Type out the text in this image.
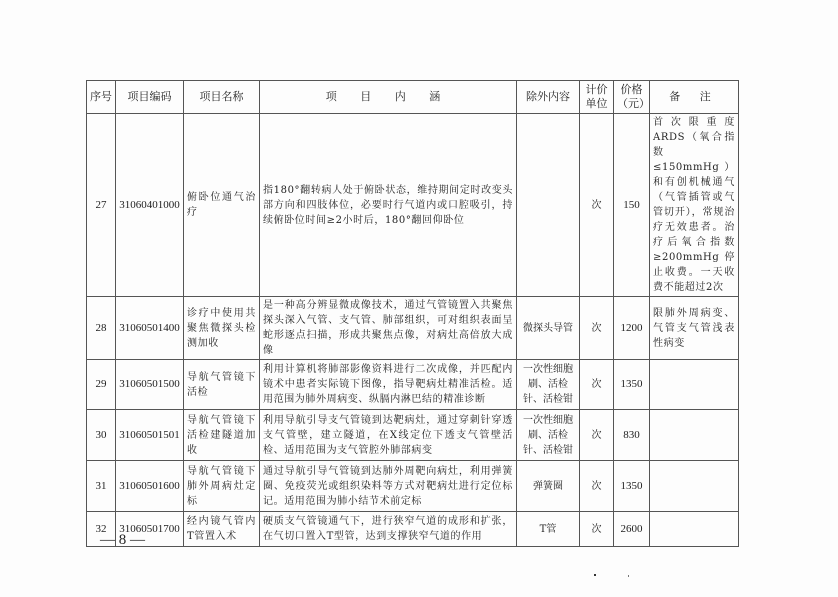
序号	项目编码	项目名称	项 目 内 涵	除外内容	计价单位	价格（元）	备 注
27	31060401000	俯卧位通气治疗	指180°翻转病人处于俯卧状态，维持期间定时改变头部方向和四肢体位，必要时行气道内或口腔吸引，持续俯卧位时间≥2小时后，180°翻回仰卧位		次	150	首次限重度ARDS（氧合指数≤150mmHg）和有创机械通气（气管插管或气管切开），常规治疗无效患者。治疗后氧合指数≥200mmHg停止收费。一天收费不能超过2次
28	31060501400	诊疗中使用共聚焦微探头检测加收	是一种高分辨显微成像技术，通过气管镜置入共聚焦探头深入气管、支气管、肺部组织，可对组织表面呈蛇形逐点扫描，形成共聚焦点像，对病灶高倍放大成像	微探头导管	次	1200	限肺外周病变、气管支气管浅表性病变
29	31060501500	导航气管镜下活检	利用计算机将肺部影像资料进行二次成像，并匹配内镜术中患者实际镜下图像，指导靶病灶精准活检。适用范围为肺外周病变、纵膈内淋巴结的精准诊断	一次性细胞刷、活检针、活检钳	次	1350	
30	31060501501	导航气管镜下活检建隧道加收	利用导航引导支气管镜到达靶病灶，通过穿刺针穿透支气管壁，建立隧道，在X线定位下透支气管壁活检、适用范围为支气管腔外肺部病变	一次性细胞刷、活检针、活检钳	次	830	
31	31060501600	导航气管镜下肺外周病灶定标	通过导航引导气管镜到达肺外周靶向病灶，利用弹簧圈、免疫荧光或组织染料等方式对靶病灶进行定位标记。适用范围为肺小结节术前定标	弹簧圈	次	1350	
32	31060501700	经内镜气管内T管置入术	硬质支气管镜通气下，进行狭窄气道的成形和扩张，在气切口置入T型管，达到支撑狭窄气道的作用	T管	次	2600	
— 8 —
